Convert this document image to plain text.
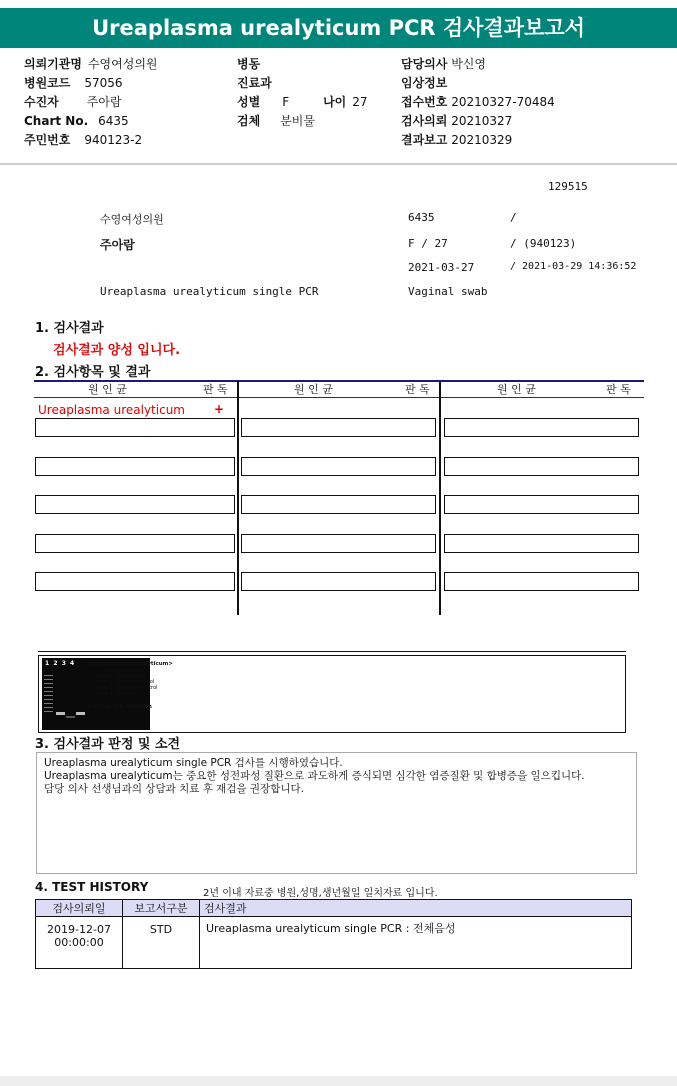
Ureaplasma urealyticum PCR 검사결과보고서
의뢰기관명 수영여성의원
병원코드 57056
수진자 주아람
Chart No. 6435
주민번호 940123-2
병동
진료과
성별 F	나이 27

검체 분비물
담당의사 박신영
임상정보
접수번호 20210327-70484
검사의뢰 20210327
결과보고 20210329
129515
수영여성의원	6435	/
주아람	F / 27	/ (940123)
2021-03-27	/ 2021-03-29 14:36:52
Ureaplasma urealyticum single PCR	Vaginal swab
1. 검사결과
검사결과 양성 입니다.
2. 검사항목 및 결과
원 인 균	판 독	원 인 균	판 독	원 인 균	판 독
Ureaplasma urealyticum +
1  2  3  4	<Ureaplasma urealyticum>
Lane 1. Size marker
Lane 2. Positive control
Lane 3. Negative control
Lane 4. Sample
← 228bp U.U. infection
3. 검사결과 판정 및 소견
Ureaplasma urealyticum single PCR 검사를 시행하였습니다.
Ureaplasma urealyticum는 중요한 성전파성 질환으로 과도하게 증식되면 심각한 염증질환 및 합병증을 일으킵니다.
담당 의사 선생님과의 상담과 치료 후 재검을 권장합니다.
4. TEST HISTORY	2년 이내 자료중 병원,성명,생년월일 일치자료 입니다.
검사의뢰일	보고서구분	검사결과

2019-12-07
00:00:00	STD	Ureaplasma urealyticum single PCR : 전체음성
